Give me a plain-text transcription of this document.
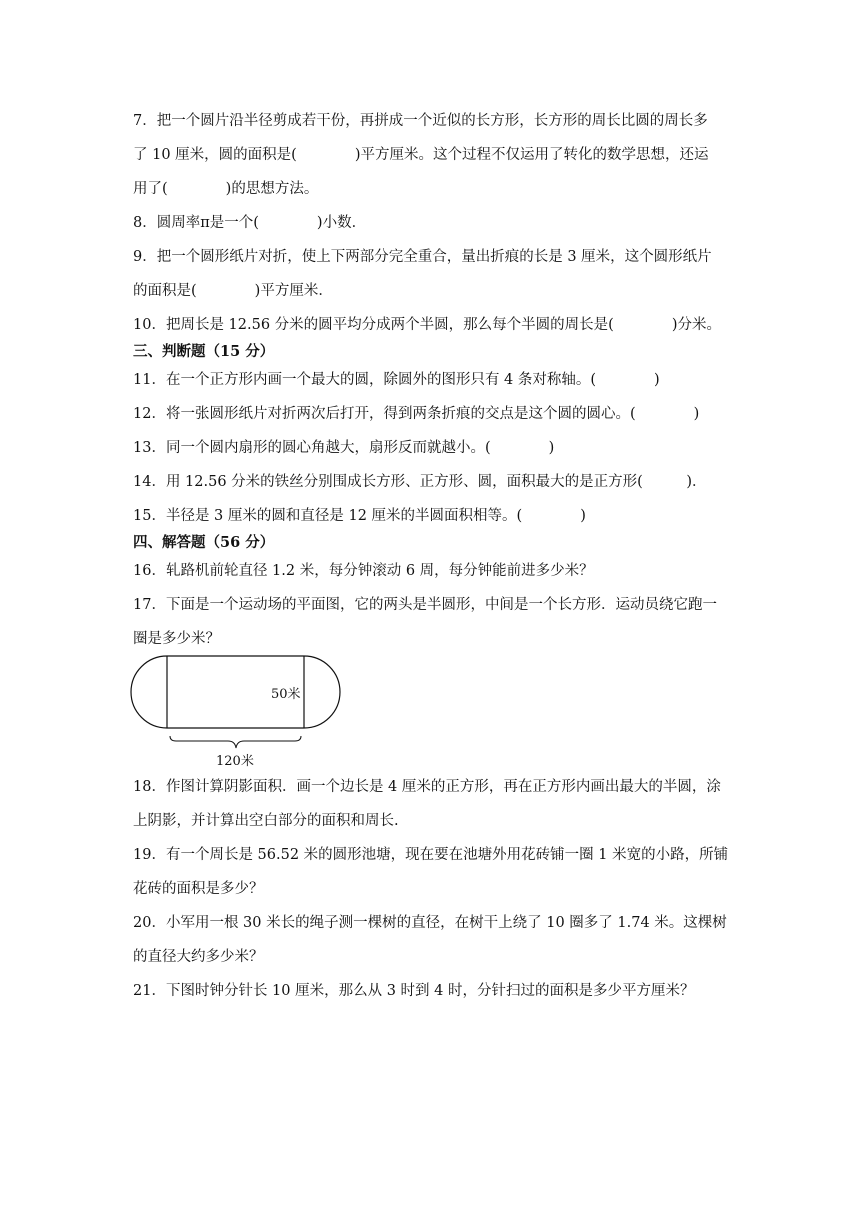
7．把一个圆片沿半径剪成若干份，再拼成一个近似的长方形，长方形的周长比圆的周长多
了 10 厘米，圆的面积是(　　　　)平方厘米。这个过程不仅运用了转化的数学思想，还运
用了(　　　　)的思想方法。
8．圆周率π是一个(　　　　)小数．
9．把一个圆形纸片对折，使上下两部分完全重合，量出折痕的长是 3 厘米，这个圆形纸片
的面积是(　　　　)平方厘米．
10．把周长是 12.56 分米的圆平均分成两个半圆，那么每个半圆的周长是(　　　　)分米。
三、判断题（15 分）
11．在一个正方形内画一个最大的圆，除圆外的图形只有 4 条对称轴。(　　　　)
12．将一张圆形纸片对折两次后打开，得到两条折痕的交点是这个圆的圆心。(　　　　)
13．同一个圆内扇形的圆心角越大，扇形反而就越小。(　　　　)
14．用 12.56 分米的铁丝分别围成长方形、正方形、圆，面积最大的是正方形(　　　)．
15．半径是 3 厘米的圆和直径是 12 厘米的半圆面积相等。(　　　　)
四、解答题（56 分）
16．轧路机前轮直径 1.2 米，每分钟滚动 6 周，每分钟能前进多少米？
17．下面是一个运动场的平面图，它的两头是半圆形，中间是一个长方形．运动员绕它跑一
圈是多少米？
50米
120米
18．作图计算阴影面积．画一个边长是 4 厘米的正方形，再在正方形内画出最大的半圆，涂
上阴影，并计算出空白部分的面积和周长.
19．有一个周长是 56.52 米的圆形池塘，现在要在池塘外用花砖铺一圈 1 米宽的小路，所铺
花砖的面积是多少？
20．小军用一根 30 米长的绳子测一棵树的直径，在树干上绕了 10 圈多了 1.74 米。这棵树
的直径大约多少米？
21．下图时钟分针长 10 厘米，那么从 3 时到 4 时，分针扫过的面积是多少平方厘米？
